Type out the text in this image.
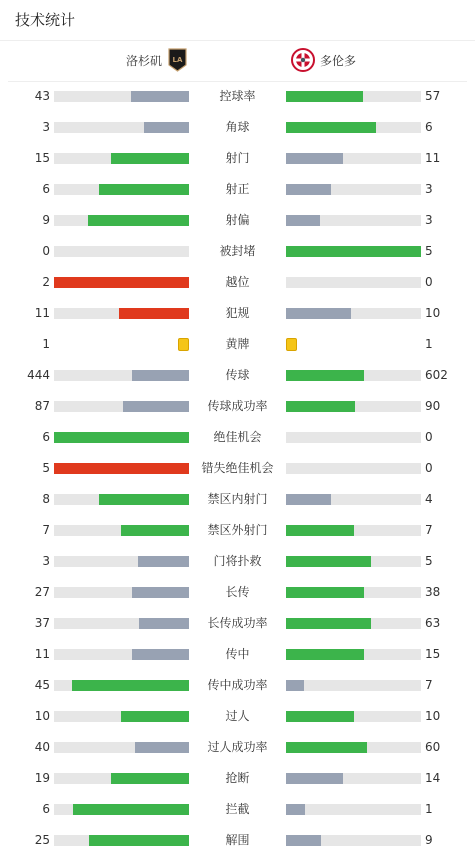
技术统计
洛杉矶 LA	多伦多
43	控球率	57
3	角球	6
15	射门	11
6	射正	3
9	射偏	3
0	被封堵	5
2	越位	0
11	犯规	10
1	黄牌	1
444	传球	602
87	传球成功率	90
6	绝佳机会	0
5	错失绝佳机会	0
8	禁区内射门	4
7	禁区外射门	7
3	门将扑救	5
27	长传	38
37	长传成功率	63
11	传中	15
45	传中成功率	7
10	过人	10
40	过人成功率	60
19	抢断	14
6	拦截	1
25	解围	9
